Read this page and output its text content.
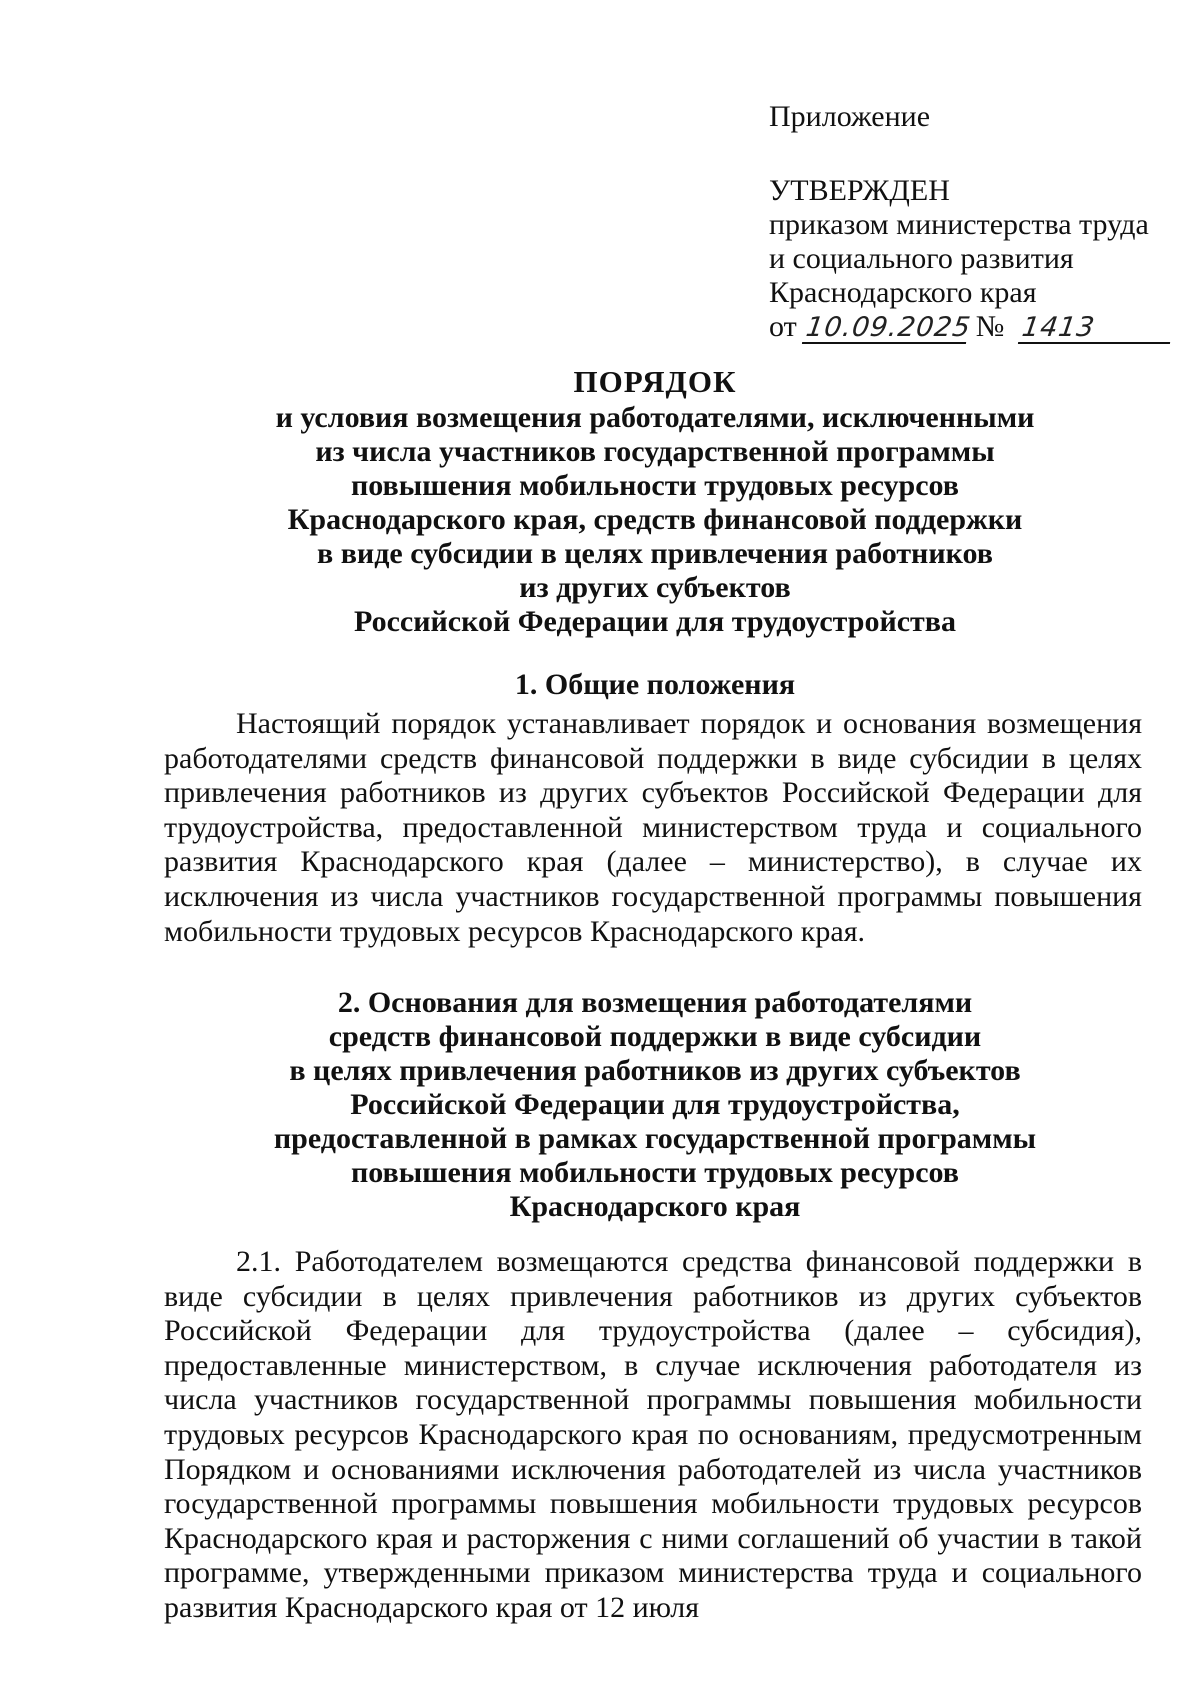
Приложение
УТВЕРЖДЕН
приказом министерства труда
и социального развития
Краснодарского края
от 10.09.2025 № 1413
ПОРЯДОК
и условия возмещения работодателями, исключенными
из числа участников государственной программы
повышения мобильности трудовых ресурсов
Краснодарского края, средств финансовой поддержки
в виде субсидии в целях привлечения работников
из других субъектов
Российской Федерации для трудоустройства
1. Общие положения

Настоящий порядок устанавливает порядок и основания возмещения работодателями средств финансовой поддержки в виде субсидии в целях привлечения работников из других субъектов Российской Федерации для трудоустройства, предоставленной министерством труда и социального развития Краснодарского края (далее – министерство), в случае их исключения из числа участников государственной программы повышения мобильности трудовых ресурсов Краснодарского края.

2. Основания для возмещения работодателями
средств финансовой поддержки в виде субсидии
в целях привлечения работников из других субъектов
Российской Федерации для трудоустройства,
предоставленной в рамках государственной программы
повышения мобильности трудовых ресурсов
Краснодарского края

2.1. Работодателем возмещаются средства финансовой поддержки в виде субсидии в целях привлечения работников из других субъектов Российской Федерации для трудоустройства (далее – субсидия), предоставленные министерством, в случае исключения работодателя из числа участников государственной программы повышения мобильности трудовых ресурсов Краснодарского края по основаниям, предусмотренным Порядком и основаниями исключения работодателей из числа участников государственной программы повышения мобильности трудовых ресурсов Краснодарского края и расторжения с ними соглашений об участии в такой программе, утвержденными приказом министерства труда и социального развития Краснодарского края от 12 июля
